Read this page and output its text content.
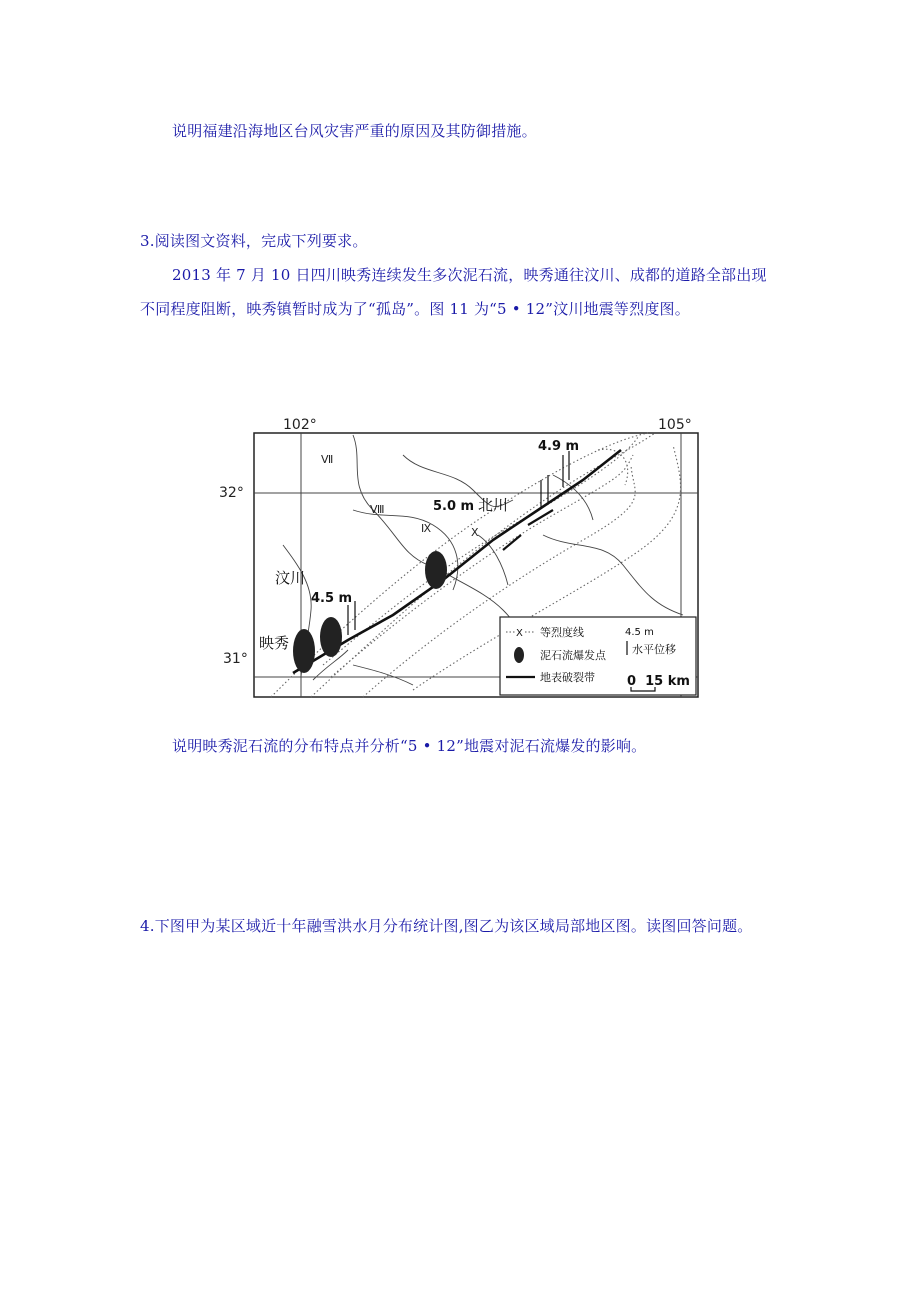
说明福建沿海地区台风灾害严重的原因及其防御措施。
3.阅读图文资料，完成下列要求。
2013 年 7 月 10 日四川映秀连续发生多次泥石流，映秀通往汶川、成都的道路全部出现
不同程度阻断，映秀镇暂时成为了“孤岛”。图 11 为“5 • 12”汶川地震等烈度图。
102°	105°
32°
31°
Ⅶ
Ⅷ
Ⅸ	Ⅹ
4.9 m
5.0 m
4.5 m
北川
汶川
映秀
X 等烈度线
泥石流爆发点
地表破裂带
4.5 m
水平位移
0  15 km
说明映秀泥石流的分布特点并分析“5 • 12”地震对泥石流爆发的影响。
4.下图甲为某区域近十年融雪洪水月分布统计图,图乙为该区域局部地区图。读图回答问题。
